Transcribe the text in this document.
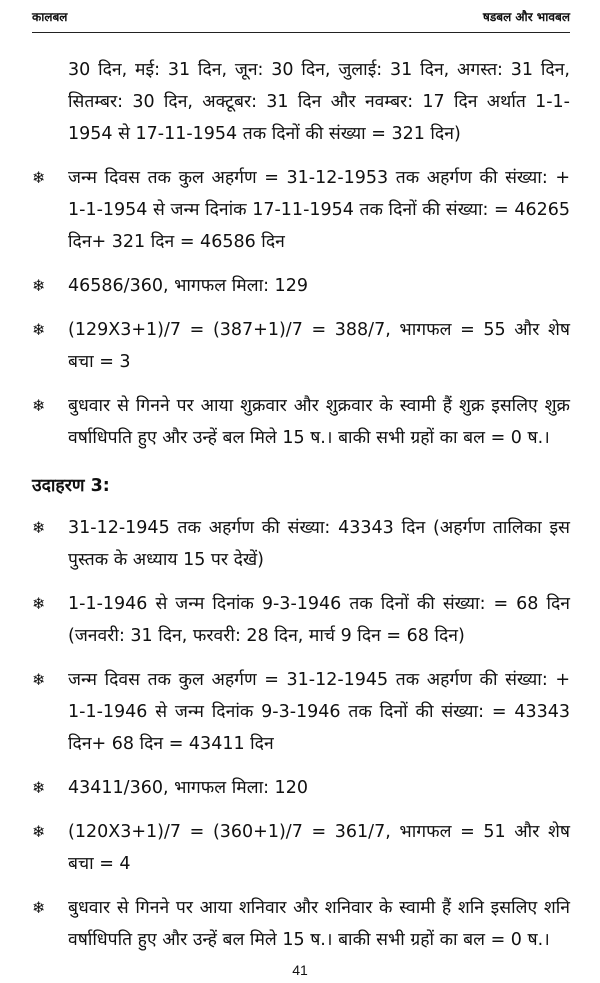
कालबल	षडबल और भावबल
30 दिन, मई: 31 दिन, जून: 30 दिन, जुलाई: 31 दिन, अगस्त: 31 दिन, सितम्बर: 30 दिन, अक्टूबर: 31 दिन और नवम्बर: 17 दिन अर्थात 1-1-1954 से 17-11-1954 तक दिनों की संख्या = 321 दिन)
❄	जन्म दिवस तक कुल अहर्गण = 31-12-1953 तक अहर्गण की संख्या: + 1-1-1954 से जन्म दिनांक 17-11-1954 तक दिनों की संख्या: = 46265 दिन+ 321 दिन = 46586 दिन
❄	46586/360, भागफल मिला: 129
❄	(129X3+1)/7 = (387+1)/7 = 388/7, भागफल = 55 और शेष बचा = 3
❄	बुधवार से गिनने पर आया शुक्रवार और शुक्रवार के स्वामी हैं शुक्र इसलिए शुक्र वर्षाधिपति हुए और उन्हें बल मिले 15 ष.। बाकी सभी ग्रहों का बल = 0 ष.।
उदाहरण 3:
❄	31-12-1945 तक अहर्गण की संख्या: 43343 दिन (अहर्गण तालिका इस पुस्तक के अध्याय 15 पर देखें)
❄	1-1-1946 से जन्म दिनांक 9-3-1946 तक दिनों की संख्या: = 68 दिन (जनवरी: 31 दिन, फरवरी: 28 दिन, मार्च 9 दिन = 68 दिन)
❄	जन्म दिवस तक कुल अहर्गण = 31-12-1945 तक अहर्गण की संख्या: + 1-1-1946 से जन्म दिनांक 9-3-1946 तक दिनों की संख्या: = 43343 दिन+ 68 दिन = 43411 दिन
❄	43411/360, भागफल मिला: 120
❄	(120X3+1)/7 = (360+1)/7 = 361/7, भागफल = 51 और शेष बचा = 4
❄	बुधवार से गिनने पर आया शनिवार और शनिवार के स्वामी हैं शनि इसलिए शनि वर्षाधिपति हुए और उन्हें बल मिले 15 ष.। बाकी सभी ग्रहों का बल = 0 ष.।
41
